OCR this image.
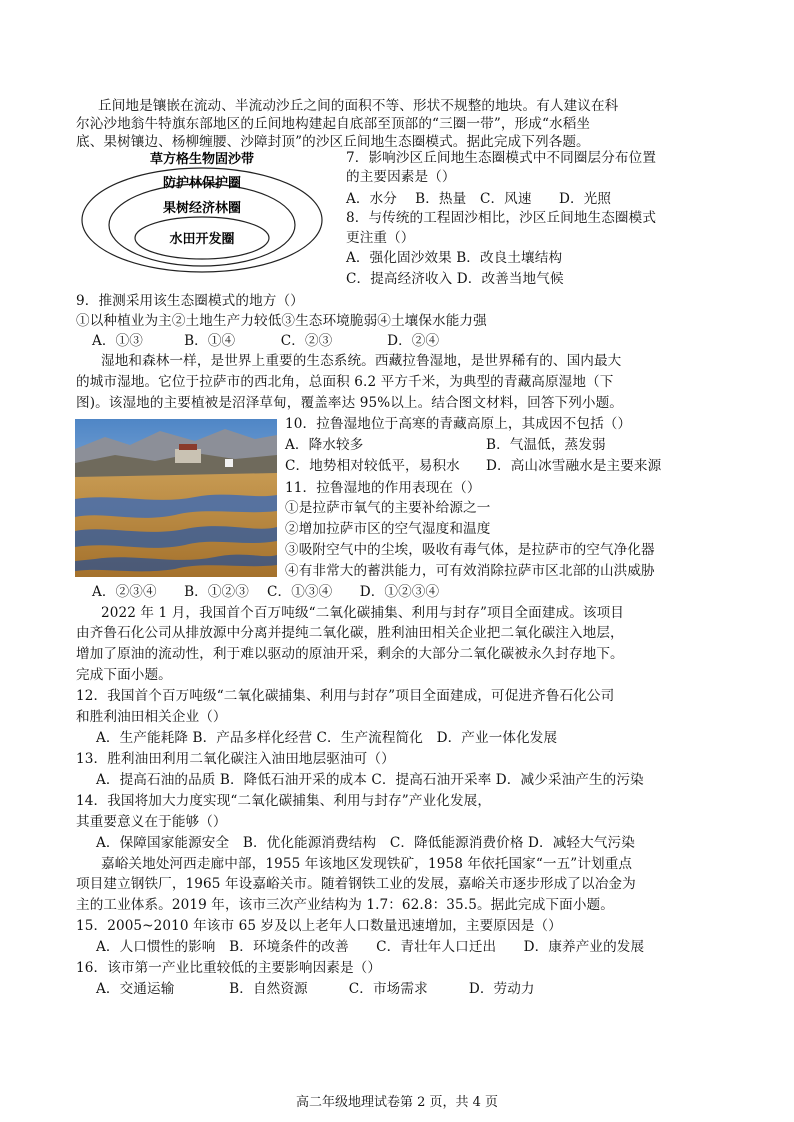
丘间地是镶嵌在流动、半流动沙丘之间的面积不等、形状不规整的地块。有人建议在科
尔沁沙地翁牛特旗东部地区的丘间地构建起自底部至顶部的“三圈一带”，形成“水稻坐
底、果树镶边、杨柳缠腰、沙障封顶”的沙区丘间地生态圈模式。据此完成下列各题。
草方格生物固沙带
防护林保护圈
果树经济林圈
水田开发圈
7．影响沙区丘间地生态圈模式中不同圈层分布位置
的主要因素是（）
A．水分　 B．热量　C．风速　　D．光照
8．与传统的工程固沙相比，沙区丘间地生态圈模式
更注重（）
A．强化固沙效果 B．改良土壤结构
C．提高经济收入 D．改善当地气候
9．推测采用该生态圈模式的地方（）
①以种植业为主②土地生产力较低③生态环境脆弱④土壤保水能力强
A．①③　　　B．①④　　　 C．②③　　　　D．②④
湿地和森林一样，是世界上重要的生态系统。西藏拉鲁湿地，是世界稀有的、国内最大
的城市湿地。它位于拉萨市的西北角，总面积 6.2 平方千米，为典型的青藏高原湿地（下
图)。该湿地的主要植被是沼泽草甸，覆盖率达 95%以上。结合图文材料，回答下列小题。
10．拉鲁湿地位于高寒的青藏高原上，其成因不包括（）
A．降水较多	B．气温低，蒸发弱
C．地势相对较低平，易积水 D．高山冰雪融水是主要来源
11．拉鲁湿地的作用表现在（）
①是拉萨市氧气的主要补给源之一
②增加拉萨市区的空气湿度和温度
③吸附空气中的尘埃，吸收有毒气体，是拉萨市的空气净化器
④有非常大的蓄洪能力，可有效消除拉萨市区北部的山洪威胁
A．②③④　　B．①②③　 C．①③④　　D．①②③④
2022 年 1 月，我国首个百万吨级“二氧化碳捕集、利用与封存”项目全面建成。该项目
由齐鲁石化公司从排放源中分离并提纯二氧化碳，胜利油田相关企业把二氧化碳注入地层，
增加了原油的流动性，利于难以驱动的原油开采，剩余的大部分二氧化碳被永久封存地下。
完成下面小题。
12．我国首个百万吨级“二氧化碳捕集、利用与封存”项目全面建成，可促进齐鲁石化公司
和胜利油田相关企业（）
A．生产能耗降 B．产品多样化经营 C．生产流程简化　D．产业一体化发展
13．胜利油田利用二氧化碳注入油田地层驱油可（）
A．提高石油的品质 B．降低石油开采的成本 C．提高石油开采率 D．减少采油产生的污染
14．我国将加大力度实现“二氧化碳捕集、利用与封存”产业化发展，
其重要意义在于能够（）
A．保障国家能源安全　B．优化能源消费结构　C．降低能源消费价格 D．减轻大气污染
嘉峪关地处河西走廊中部，1955 年该地区发现铁矿，1958 年依托国家“一五”计划重点
项目建立钢铁厂，1965 年设嘉峪关市。随着钢铁工业的发展，嘉峪关市逐步形成了以冶金为
主的工业体系。2019 年，该市三次产业结构为 1.7：62.8：35.5。据此完成下面小题。
15．2005~2010 年该市 65 岁及以上老年人口数量迅速增加，主要原因是（）
A．人口惯性的影响　B．环境条件的改善　　C．青壮年人口迁出　　D．康养产业的发展
16．该市第一产业比重较低的主要影响因素是（）
A．交通运输　　　　B．自然资源　　　C．市场需求　　　D．劳动力
高二年级地理试卷第 2 页，共 4 页
